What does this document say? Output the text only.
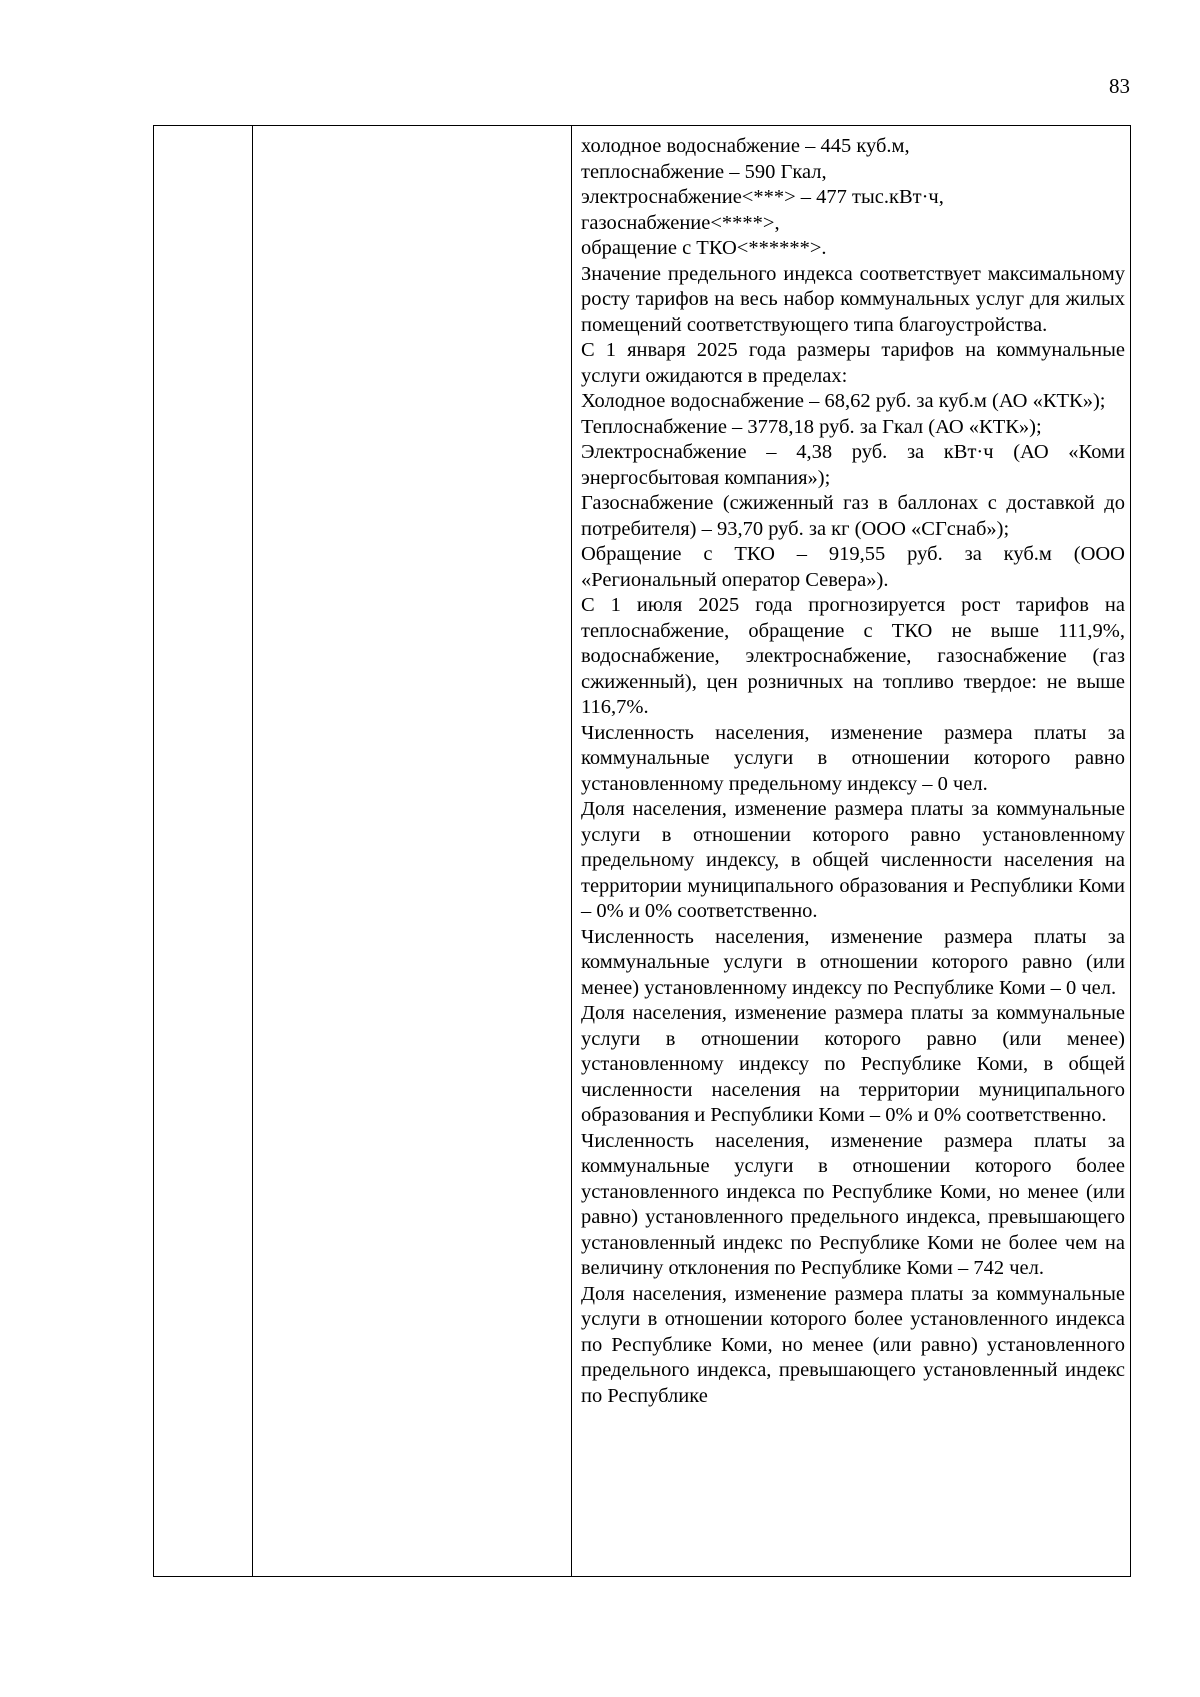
83

холодное водоснабжение – 445 куб.м,

теплоснабжение – 590 Гкал,

электроснабжение<***> – 477 тыс.кВт·ч,

газоснабжение<****>,

обращение с ТКО<******>.

Значение предельного индекса соответствует максимальному росту тарифов на весь набор коммунальных услуг для жилых помещений соответствующего типа благоустройства.

С 1 января 2025 года размеры тарифов на коммунальные услуги ожидаются в пределах:

Холодное водоснабжение – 68,62 руб. за куб.м (АО «КТК»);

Теплоснабжение – 3778,18 руб. за Гкал (АО «КТК»);

Электроснабжение – 4,38 руб. за кВт·ч (АО «Коми энергосбытовая компания»);

Газоснабжение (сжиженный газ в баллонах с доставкой до потребителя) – 93,70 руб. за кг (ООО «СГснаб»);

Обращение с ТКО – 919,55 руб. за куб.м (ООО «Региональный оператор Севера»).

С 1 июля 2025 года прогнозируется рост тарифов на теплоснабжение, обращение с ТКО не выше 111,9%, водоснабжение, электроснабжение, газоснабжение (газ сжиженный), цен розничных на топливо твердое: не выше 116,7%.

Численность населения, изменение размера платы за коммунальные услуги в отношении которого равно установленному предельному индексу – 0 чел.

Доля населения, изменение размера платы за коммунальные услуги в отношении которого равно установленному предельному индексу, в общей численности населения на территории муниципального образования и Республики Коми – 0% и 0% соответственно.

Численность населения, изменение размера платы за коммунальные услуги в отношении которого равно (или менее) установленному индексу по Республике Коми – 0 чел.

Доля населения, изменение размера платы за коммунальные услуги в отношении которого равно (или менее) установленному индексу по Республике Коми, в общей численности населения на территории муниципального образования и Республики Коми – 0% и 0% соответственно.

Численность населения, изменение размера платы за коммунальные услуги в отношении которого более установленного индекса по Республике Коми, но менее (или равно) установленного предельного индекса, превышающего установленный индекс по Республике Коми не более чем на величину отклонения по Республике Коми – 742 чел.

Доля населения, изменение размера платы за коммунальные услуги в отношении которого более установленного индекса по Республике Коми, но менее (или равно) установленного предельного индекса, превышающего установленный индекс по Республике
